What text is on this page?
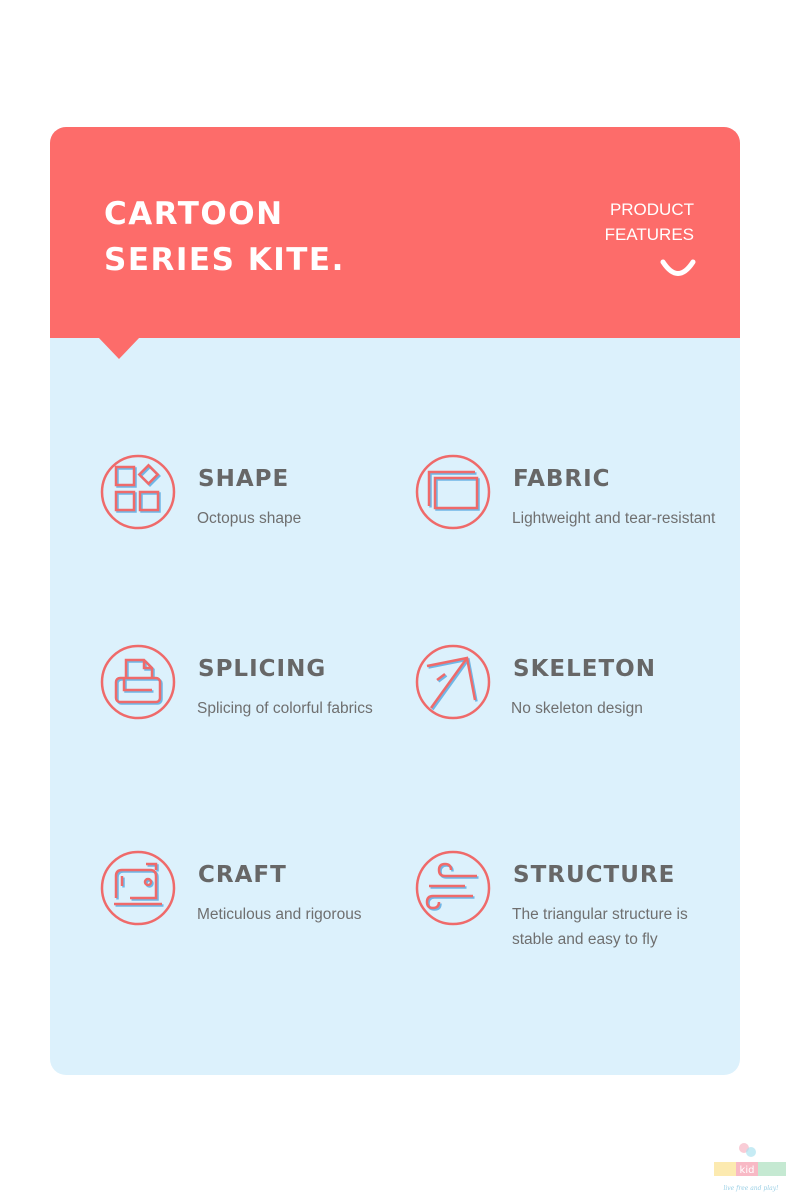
CARTOON
SERIES KITE.
PRODUCT
FEATURES
SHAPE
Octopus shape
FABRIC
Lightweight and tear-resistant
SPLICING
Splicing of colorful fabrics
SKELETON
No skeleton design
CRAFT
Meticulous and rigorous
STRUCTURE
The triangular structure is stable and easy to fly
kid
live free and play!
